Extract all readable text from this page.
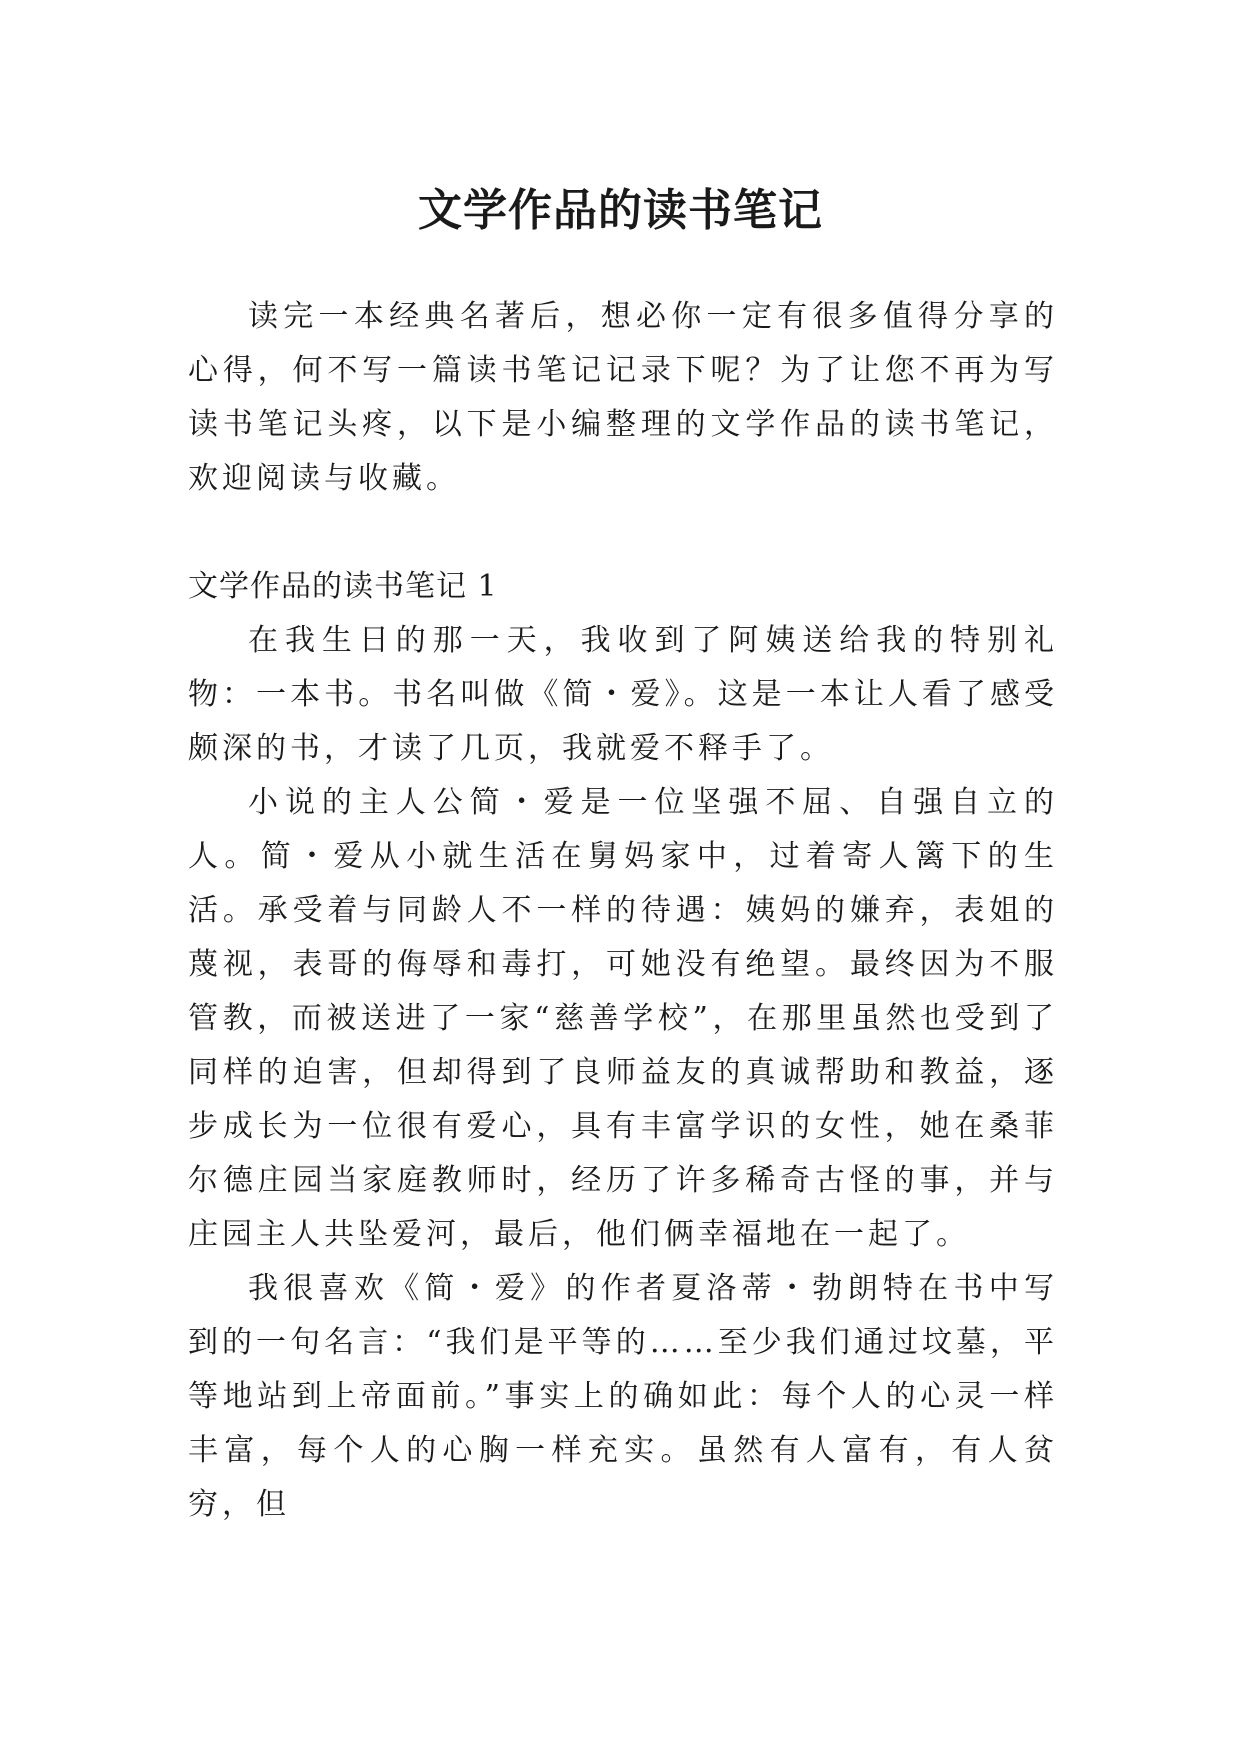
文学作品的读书笔记

读完一本经典名著后，想必你一定有很多值得分享的心得，何不写一篇读书笔记记录下呢？为了让您不再为写读书笔记头疼，以下是小编整理的文学作品的读书笔记，欢迎阅读与收藏。

文学作品的读书笔记 1

在我生日的那一天，我收到了阿姨送给我的特别礼物：一本书。书名叫做《简・爱》。这是一本让人看了感受颇深的书，才读了几页，我就爱不释手了。

小说的主人公简・爱是一位坚强不屈、自强自立的人。简・爱从小就生活在舅妈家中，过着寄人篱下的生活。承受着与同龄人不一样的待遇：姨妈的嫌弃，表姐的蔑视，表哥的侮辱和毒打，可她没有绝望。最终因为不服管教，而被送进了一家“慈善学校”，在那里虽然也受到了同样的迫害，但却得到了良师益友的真诚帮助和教益，逐步成长为一位很有爱心，具有丰富学识的女性，她在桑菲尔德庄园当家庭教师时，经历了许多稀奇古怪的事，并与庄园主人共坠爱河，最后，他们俩幸福地在一起了。

我很喜欢《简・爱》的作者夏洛蒂・勃朗特在书中写到的一句名言：“我们是平等的……至少我们通过坟墓，平等地站到上帝面前。”事实上的确如此：每个人的心灵一样丰富，每个人的心胸一样充实。虽然有人富有，有人贫穷，但
